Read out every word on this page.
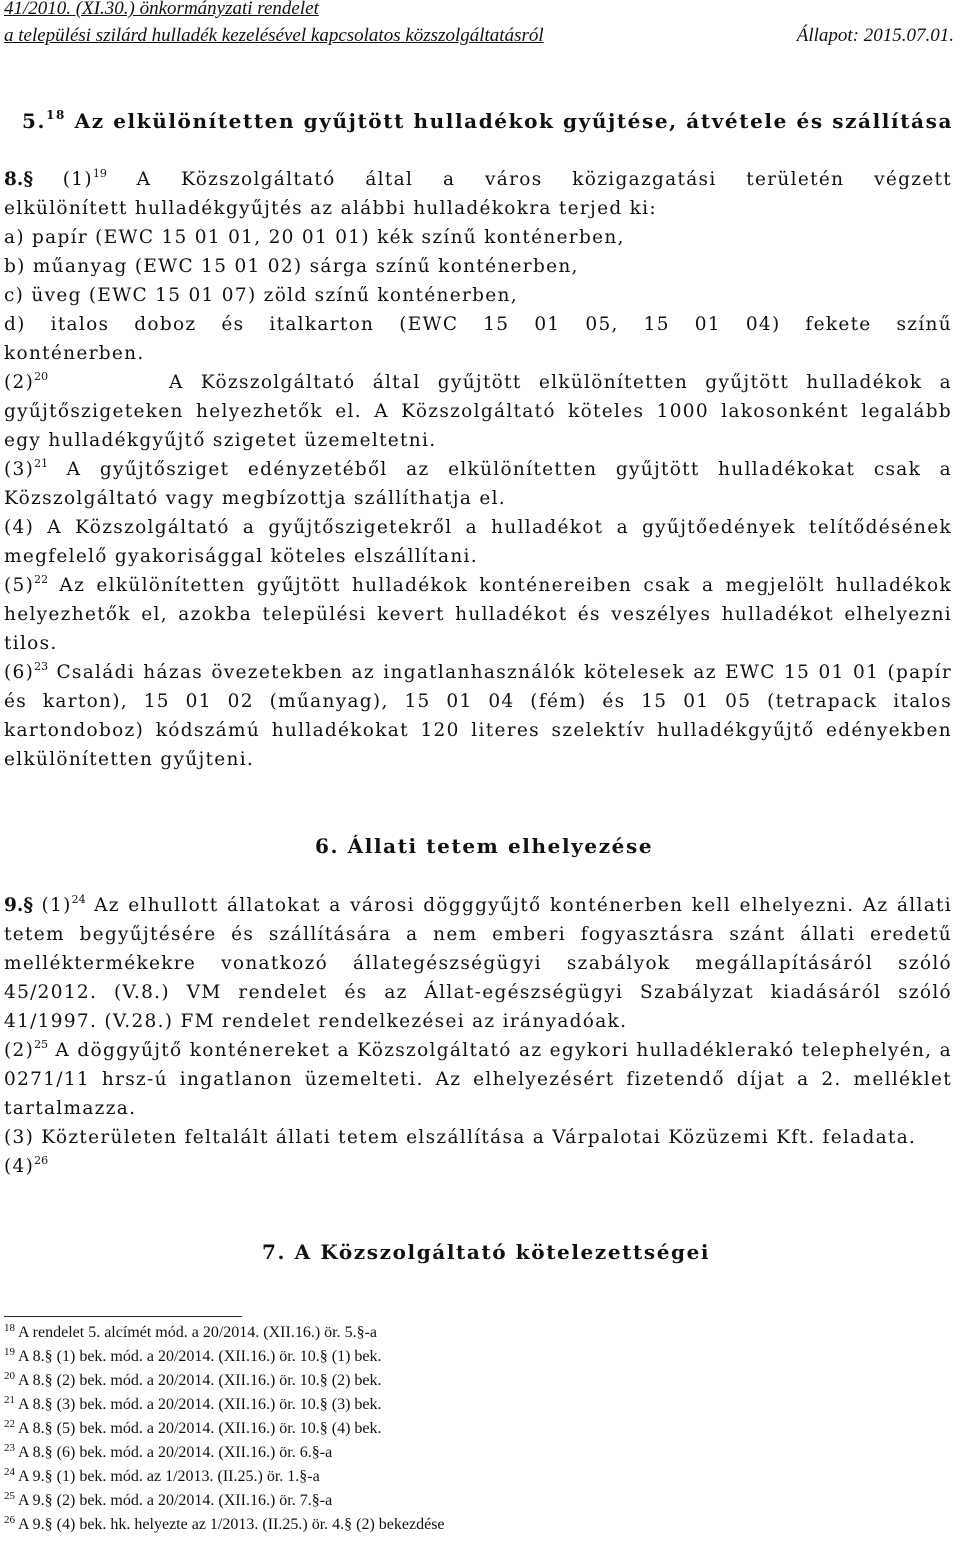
41/2010. (XI.30.) önkormányzati rendelet
a települési szilárd hulladék kezelésével kapcsolatos közszolgáltatásról	Állapot: 2015.07.01.
5.18 Az elkülönítetten gyűjtött hulladékok gyűjtése, átvétele és szállítása
8.§ $(1)^{19}$ A Közszolgáltató által a város közigazgatási területén végzett
elkülönített hulladékgyűjtés az alábbi hulladékokra terjed ki:
a) papír (EWC 15 01 01, 20 01 01) kék színű konténerben,
b) műanyag (EWC 15 01 02) sárga színű konténerben,
c) üveg (EWC 15 01 07) zöld színű konténerben,
d) italos doboz és italkarton (EWC 15 01 05, 15 01 04) fekete színű
konténerben.
$(2)^{20}$	A Közszolgáltató által gyűjtött elkülönítetten gyűjtött hulladékok a gyűjtőszigeteken helyezhetők el. A Közszolgáltató köteles 1000 lakosonként legalább egy hulladékgyűjtő szigetet üzemeltetni.
$(3)^{21}$ A gyűjtősziget edényzetéből az elkülönítetten gyűjtött hulladékokat csak a Közszolgáltató vagy megbízottja szállíthatja el.
(4) A Közszolgáltató a gyűjtőszigetekről a hulladékot a gyűjtőedények telítődésének megfelelő gyakorisággal köteles elszállítani.
$(5)^{22}$ Az elkülönítetten gyűjtött hulladékok konténereiben csak a megjelölt hulladékok helyezhetők el, azokba települési kevert hulladékot és veszélyes hulladékot elhelyezni tilos.
$(6)^{23}$ Családi házas övezetekben az ingatlanhasználók kötelesek az EWC 15 01 01 (papír és karton), 15 01 02 (műanyag), 15 01 04 (fém) és 15 01 05 (tetrapack italos kartondoboz) kódszámú hulladékokat 120 literes szelektív hulladékgyűjtő edényekben elkülönítetten gyűjteni.
6. Állati tetem elhelyezése
9.§ $(1)^{24}$ Az elhullott állatokat a városi dögggyűjtő konténerben kell elhelyezni. Az állati tetem begyűjtésére és szállítására a nem emberi fogyasztásra szánt állati eredetű melléktermékekre vonatkozó állategészségügyi szabályok megállapításáról szóló 45/2012. (V.8.) VM rendelet és az Állat-egészségügyi Szabályzat kiadásáról szóló 41/1997. (V.28.) FM rendelet rendelkezései az irányadóak.
$(2)^{25}$ A döggyűjtő konténereket a Közszolgáltató az egykori hulladéklerakó telephelyén, a 0271/11 hrsz-ú ingatlanon üzemelteti. Az elhelyezésért fizetendő díjat a 2. melléklet tartalmazza.
(3) Közterületen feltalált állati tetem elszállítása a Várpalotai Közüzemi Kft. feladata.
$(4)^{26}$
7. A Közszolgáltató kötelezettségei
$^{18}$ A rendelet 5. alcímét mód. a 20/2014. (XII.16.) ör. 5.§-a
$^{19}$ A 8.§ (1) bek. mód. a 20/2014. (XII.16.) ör. 10.§ (1) bek.
$^{20}$ A 8.§ (2) bek. mód. a 20/2014. (XII.16.) ör. 10.§ (2) bek.
$^{21}$ A 8.§ (3) bek. mód. a 20/2014. (XII.16.) ör. 10.§ (3) bek.
$^{22}$ A 8.§ (5) bek. mód. a 20/2014. (XII.16.) ör. 10.§ (4) bek.
$^{23}$ A 8.§ (6) bek. mód. a 20/2014. (XII.16.) ör. 6.§-a
$^{24}$ A 9.§ (1) bek. mód. az 1/2013. (II.25.) ör. 1.§-a
$^{25}$ A 9.§ (2) bek. mód. a 20/2014. (XII.16.) ör. 7.§-a
$^{26}$ A 9.§ (4) bek. hk. helyezte az 1/2013. (II.25.) ör. 4.§ (2) bekezdése
